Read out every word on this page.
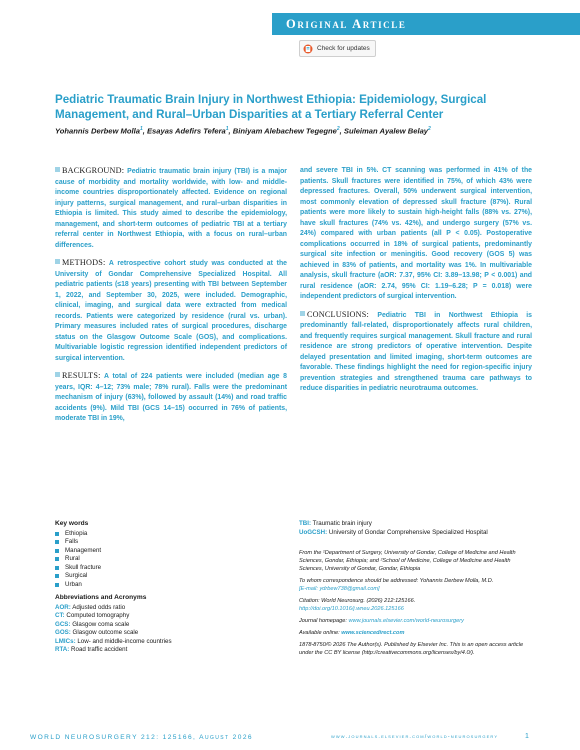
Original Article
Check for updates
Pediatric Traumatic Brain Injury in Northwest Ethiopia: Epidemiology, Surgical Management, and Rural–Urban Disparities at a Tertiary Referral Center
Yohannis Derbew Molla$^1$, Esayas Adefirs Tefera$^1$, Biniyam Alebachew Tegegne$^2$, Suleiman Ayalew Belay$^2$

BACKGROUND: Pediatric traumatic brain injury (TBI) is a major cause of morbidity and mortality worldwide, with low- and middle-income countries disproportionately affected. Evidence on regional injury patterns, surgical management, and rural–urban disparities in Ethiopia is limited. This study aimed to describe the epidemiology, management, and short-term outcomes of pediatric TBI at a tertiary referral center in Northwest Ethiopia, with a focus on rural–urban differences.

METHODS: A retrospective cohort study was conducted at the University of Gondar Comprehensive Specialized Hospital. All pediatric patients (≤18 years) presenting with TBI between September 1, 2022, and September 30, 2025, were included. Demographic, clinical, imaging, and surgical data were extracted from medical records. Patients were categorized by residence (rural vs. urban). Primary measures included rates of surgical procedures, discharge status on the Glasgow Outcome Scale (GOS), and complications. Multivariable logistic regression identified independent predictors of surgical intervention.

RESULTS: A total of 224 patients were included (median age 8 years, IQR: 4–12; 73% male; 78% rural). Falls were the predominant mechanism of injury (63%), followed by assault (14%) and road traffic accidents (9%). Mild TBI (GCS 14–15) occurred in 76% of patients, moderate TBI in 19%,

and severe TBI in 5%. CT scanning was performed in 41% of the patients. Skull fractures were identified in 75%, of which 43% were depressed fractures. Overall, 50% underwent surgical intervention, most commonly elevation of depressed skull fracture (87%). Rural patients were more likely to sustain high-height falls (88% vs. 27%), have skull fractures (74% vs. 42%), and undergo surgery (57% vs. 24%) compared with urban patients (all P < 0.05). Postoperative complications occurred in 18% of surgical patients, predominantly surgical site infection or meningitis. Good recovery (GOS 5) was achieved in 83% of patients, and mortality was 1%. In multivariable analysis, skull fracture (aOR: 7.37, 95% CI: 3.89–13.98; P < 0.001) and rural residence (aOR: 2.74, 95% CI: 1.19–6.28; P = 0.018) were independent predictors of surgical intervention.

CONCLUSIONS: Pediatric TBI in Northwest Ethiopia is predominantly fall-related, disproportionately affects rural children, and frequently requires surgical management. Skull fracture and rural residence are strong predictors of operative intervention. Despite delayed presentation and limited imaging, short-term outcomes are favorable. These findings highlight the need for region-specific injury prevention strategies and strengthened trauma care pathways to reduce disparities in pediatric neurotrauma outcomes.

Key words
Ethiopia
Falls
Management
Rural
Skull fracture
Surgical
Urban
Abbreviations and Acronyms
AOR: Adjusted odds ratio
CT: Computed tomography
GCS: Glasgow coma scale
GOS: Glasgow outcome scale
LMICs: Low- and middle-income countries
RTA: Road traffic accident
TBI: Traumatic brain injury
UoGCSH: University of Gondar Comprehensive Specialized Hospital

From the ¹Department of Surgery, University of Gondar, College of Medicine and Health Sciences, Gondar, Ethiopia; and ²School of Medicine, College of Medicine and Health Sciences, University of Gondar, Gondar, Ethiopia

To whom correspondence should be addressed: Yohannis Derbew Molla, M.D.

[E-mail: ydrbew738@gmail.com]

Citation: World Neurosurg. (2026) 212:125166.

http://doi.org/10.1016/j.wneu.2026.125166

Journal homepage: www.journals.elsevier.com/world-neurosurgery

Available online: www.sciencedirect.com

1878-8750/© 2026 The Author(s). Published by Elsevier Inc. This is an open access article under the CC BY license (http://creativecommons.org/licenses/by/4.0/).

WORLD NEUROSURGERY 212: 125166, August 2026	www.journals.elsevier.com/world-neurosurgery	1
